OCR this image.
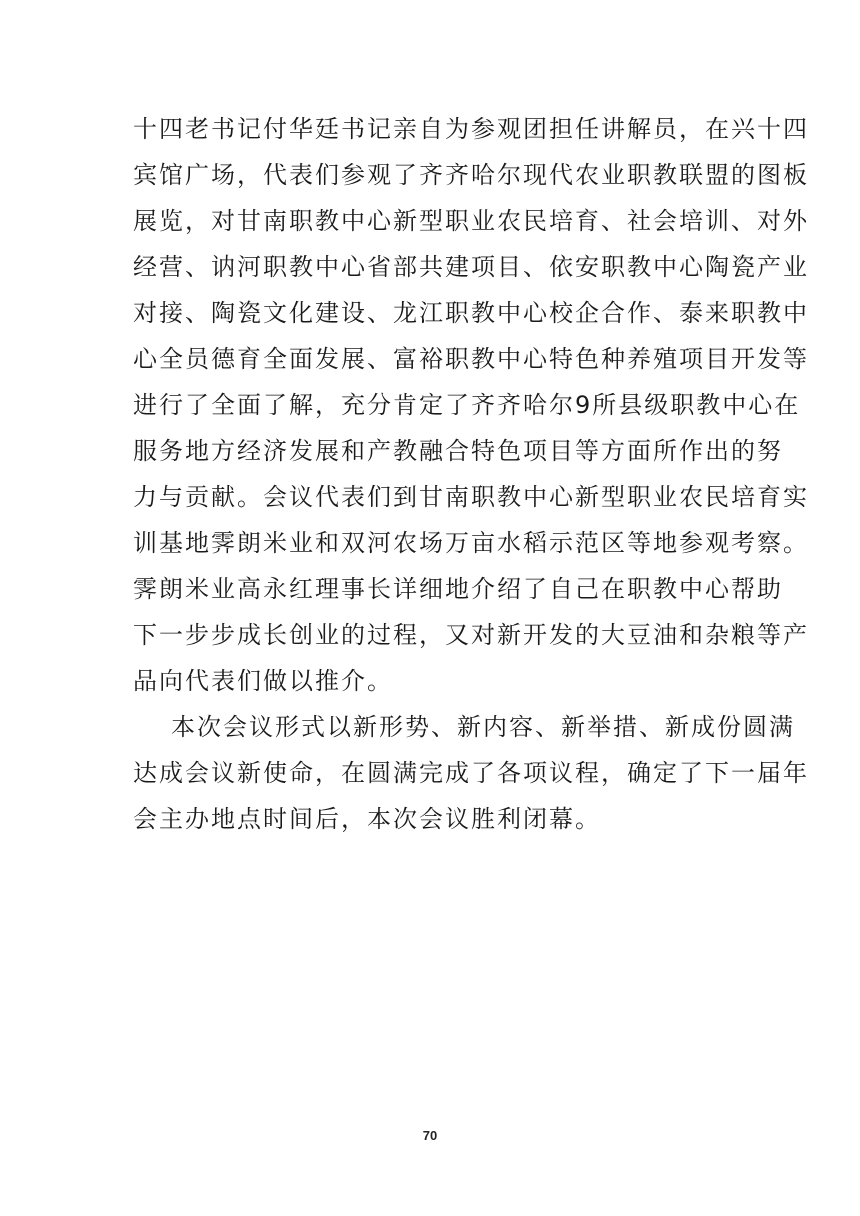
十四老书记付华廷书记亲自为参观团担任讲解员，在兴十四
宾馆广场，代表们参观了齐齐哈尔现代农业职教联盟的图板
展览，对甘南职教中心新型职业农民培育、社会培训、对外
经营、讷河职教中心省部共建项目、依安职教中心陶瓷产业
对接、陶瓷文化建设、龙江职教中心校企合作、泰来职教中
心全员德育全面发展、富裕职教中心特色种养殖项目开发等
进行了全面了解，充分肯定了齐齐哈尔9所县级职教中心在
服务地方经济发展和产教融合特色项目等方面所作出的努
力与贡献。会议代表们到甘南职教中心新型职业农民培育实
训基地霁朗米业和双河农场万亩水稻示范区等地参观考察。
霁朗米业高永红理事长详细地介绍了自己在职教中心帮助
下一步步成长创业的过程，又对新开发的大豆油和杂粮等产
品向代表们做以推介。
本次会议形式以新形势、新内容、新举措、新成份圆满
达成会议新使命，在圆满完成了各项议程，确定了下一届年
会主办地点时间后，本次会议胜利闭幕。
70
